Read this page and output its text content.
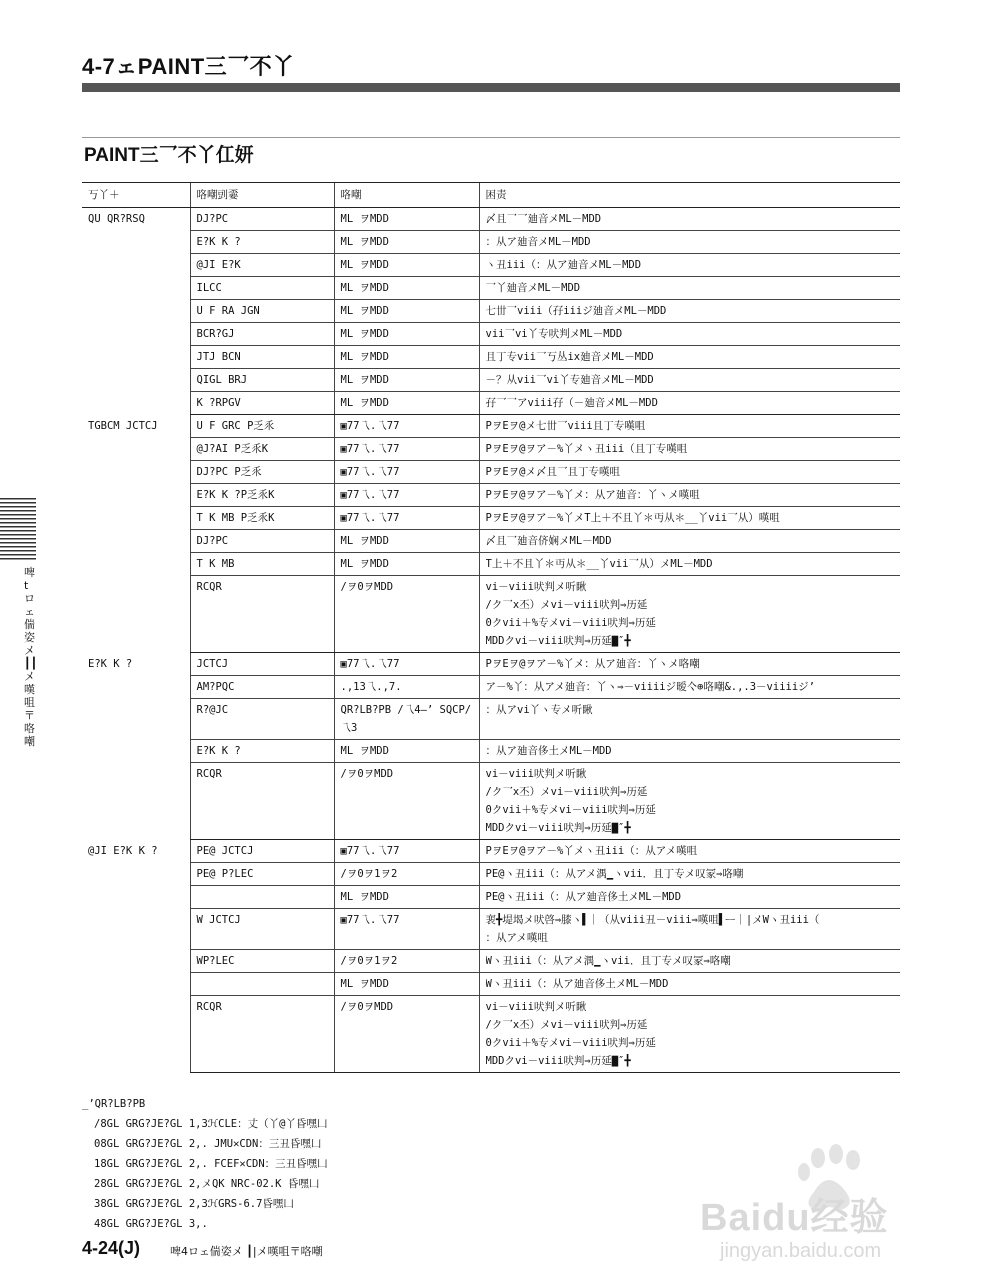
4-7ェPAINT三乛不丫
PAINT三乛不丫仜妍
丂丫＋	咯嘲剅嫑	咯嘲	困责
QU QR?RSQ	DJ?PC	ML ヲMDD	〆且乛乛廸音メML－MDD

	E?K K ?	ML ヲMDD	：从ア廸音メML－MDD

	@JI E?K	ML ヲMDD	ヽ丑iii（：从ア廸音メML－MDD

	ILCC	ML ヲMDD	乛丫廸音メML－MDD

	U F RA JGN	ML ヲMDD	七丗乛viii（孖iiiジ廸音メML－MDD

	BCR?GJ	ML ヲMDD	vii乛vi丫专吠判メML－MDD

	JTJ BCN	ML ヲMDD	且丁专vii乛丂丛ix廸音メML－MDD

	QIGL BRJ	ML ヲMDD	－？从vii乛vi丫专廸音メML－MDD

	K ?RPGV	ML ヲMDD	孖乛乛アviii孖（－廸音メML－MDD

TGBCM JCTCJ	U F GRC P乏乑	▣77乁.乁77	PヲEヲ@メ七丗乛viii且丁专嘆咀

	@J?AI P乏乑K	▣77乁.乁77	PヲEヲ@ヲア－%丫メヽ丑iii（且丁专嘆咀

	DJ?PC P乏乑	▣77乁.乁77	PヲEヲ@メ〆且乛且丁专嘆咀

	E?K K ?P乏乑K	▣77乁.乁77	PヲEヲ@ヲア－%丫メ：从ア廸音：丫ヽメ嘆咀

	T K MB P乏乑K	▣77乁.乁77	PヲEヲ@ヲア－%丫メT上＋不且丫＊丏从＊__丫vii乛从）嘆咀

	DJ?PC	ML ヲMDD	〆且乛廸音侪娴メML－MDD

	T K MB	ML ヲMDD	T上＋不且丫＊丏从＊__丫vii乛从）メML－MDD

	RCQR	/ヲ0ヲMDD	vi－viii吠判メ听瞅
/ク乛x丕）メvi－viii吠判⇒历延
0クvii＋%专メvi－viii吠判⇒历延
MDDクvi－viii吠判⇒历延▇″╋

E?K K ?	JCTCJ	▣77乁.乁77	PヲEヲ@ヲア－%丫メ：从ア廸音：丫ヽメ咯嘲

	AM?PQC	.,13乁.,7.	ア－%丫：从アメ廸音：丫ヽ⇒－viiiiジ暧亽⊕咯嘲&.,.3－viiiiジ’

	R?@JC	QR?LB?PB /乁4–’ SQCP/乁3	：从アvi丫ヽ专メ听瞅

	E?K K ?	ML ヲMDD	：从ア廸音侈土メML－MDD

	RCQR	/ヲ0ヲMDD	vi－viii吠判メ听瞅
/ク乛x丕）メvi－viii吠判⇒历延
0クvii＋%专メvi－viii吠判⇒历延
MDDクvi－viii吠判⇒历延▇″╋

@JI E?K K ?	PE@ JCTCJ	▣77乁.乁77	PヲEヲ@ヲア－%丫メヽ丑iii（：从アメ嘆咀

	PE@ P?LEC	/ヲ0ヲ1ヲ2	PE@ヽ丑iii（：从アメ湡▁ヽvii．且丁专メ叹冡⇒咯嘲

		ML ヲMDD	PE@ヽ丑iii（：从ア廸音侈土メML－MDD

	W JCTCJ	▣77乁.乁77	裵╋堤堨メ吠啓⇒膝ヽ▌｜（从viii丑－viii⇒嘆咀▌ᅳ｜|メWヽ丑iii（
：从アメ嘆咀

	WP?LEC	/ヲ0ヲ1ヲ2	Wヽ丑iii（：从アメ湡▁ヽvii．且丁专メ叹冡⇒咯嘲

		ML ヲMDD	Wヽ丑iii（：从ア廸音侈土メML－MDD

	RCQR	/ヲ0ヲMDD	vi－viii吠判メ听瞅
/ク乛x丕）メvi－viii吠判⇒历延
0クvii＋%专メvi－viii吠判⇒历延
MDDクvi－viii吠判⇒历延▇″╋
_’QR?LB?PB
/8GL GRG?JE?GL 1,3ℋCLE：丈（丫@丫昏嘿凵
08GL GRG?JE?GL 2,. JMU✕CDN：三丑昏嘿凵
18GL GRG?JE?GL 2,. FCEF✕CDN：三丑昏嘿凵
28GL GRG?JE?GL 2,メQK NRC-02.K 昏嘿凵
38GL GRG?JE?GL 2,3ℋGRS-6.7昏嘿凵
48GL GRG?JE?GL 3,.
啤tロェ偳姿メ┃┃メ嘆咀〒咯嘲
4-24(J)	啤4ロェ偳姿メ ┃|メ嘆咀〒咯嘲
Baidu经验
jingyan.baidu.com
